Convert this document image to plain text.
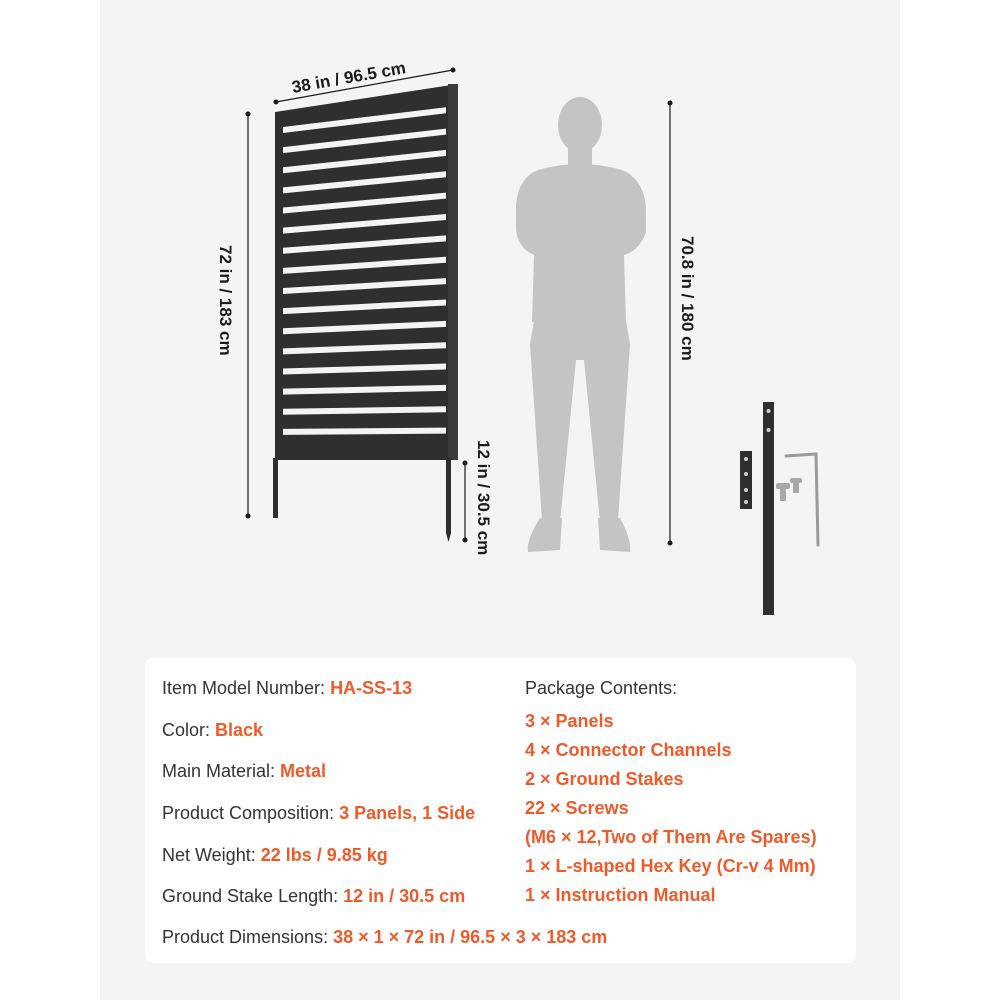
38 in / 96.5 cm
72 in / 183 cm
12 in / 30.5 cm
70.8 in / 180 cm
Item Model Number: HA-SS-13
Color: Black
Main Material: Metal
Product Composition: 3 Panels, 1 Side
Net Weight: 22 lbs / 9.85 kg
Ground Stake Length: 12 in / 30.5 cm
Product Dimensions: 38 × 1 × 72 in / 96.5 × 3 × 183 cm
Package Contents:
3 × Panels
4 × Connector Channels
2 × Ground Stakes
22 × Screws
(M6 × 12,Two of Them Are Spares)
1 × L-shaped Hex Key (Cr-v 4 Mm)
1 × Instruction Manual
